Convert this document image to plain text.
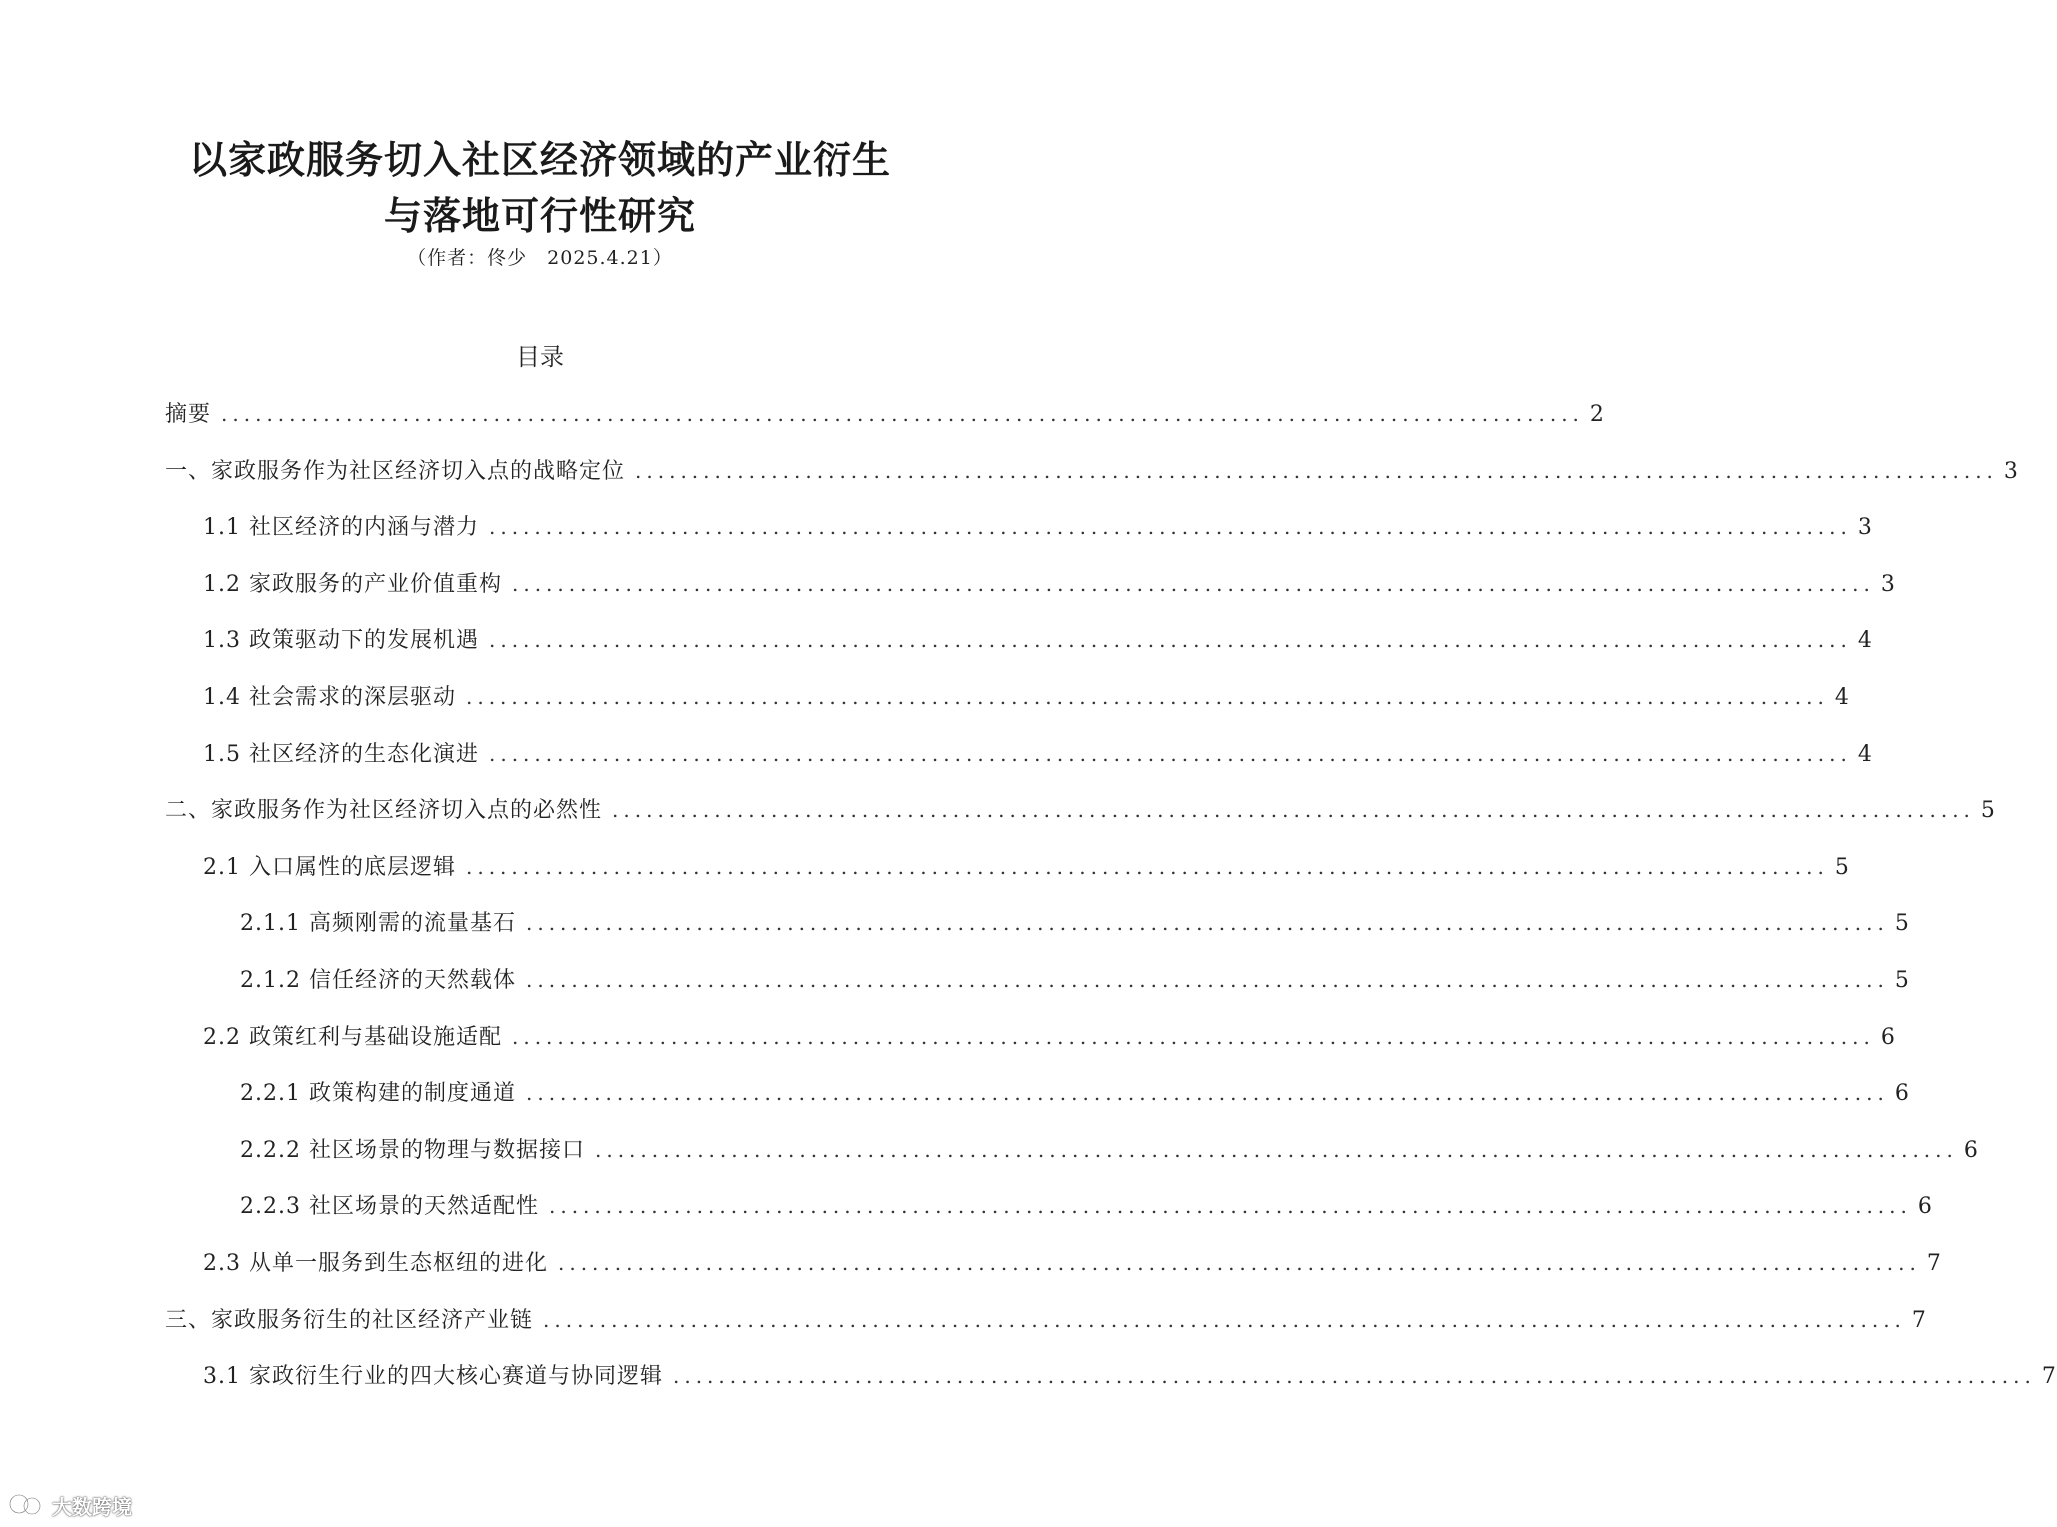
以家政服务切入社区经济领域的产业衍生
与落地可行性研究
（作者：佟少　2025.4.21）
目录
摘要 ........................................................................................................................ 2
一、家政服务作为社区经济切入点的战略定位 ........................................................................................................................ 3
1.1 社区经济的内涵与潜力 ........................................................................................................................ 3
1.2 家政服务的产业价值重构 ........................................................................................................................ 3
1.3 政策驱动下的发展机遇 ........................................................................................................................ 4
1.4 社会需求的深层驱动 ........................................................................................................................ 4
1.5 社区经济的生态化演进 ........................................................................................................................ 4
二、家政服务作为社区经济切入点的必然性 ........................................................................................................................ 5
2.1 入口属性的底层逻辑 ........................................................................................................................ 5
2.1.1 高频刚需的流量基石 ........................................................................................................................ 5
2.1.2 信任经济的天然载体 ........................................................................................................................ 5
2.2 政策红利与基础设施适配 ........................................................................................................................ 6
2.2.1 政策构建的制度通道 ........................................................................................................................ 6
2.2.2 社区场景的物理与数据接口 ........................................................................................................................ 6
2.2.3 社区场景的天然适配性 ........................................................................................................................ 6
2.3 从单一服务到生态枢纽的进化 ........................................................................................................................ 7
三、家政服务衍生的社区经济产业链 ........................................................................................................................ 7
3.1 家政衍生行业的四大核心赛道与协同逻辑 ........................................................................................................................ 7
大数跨境
